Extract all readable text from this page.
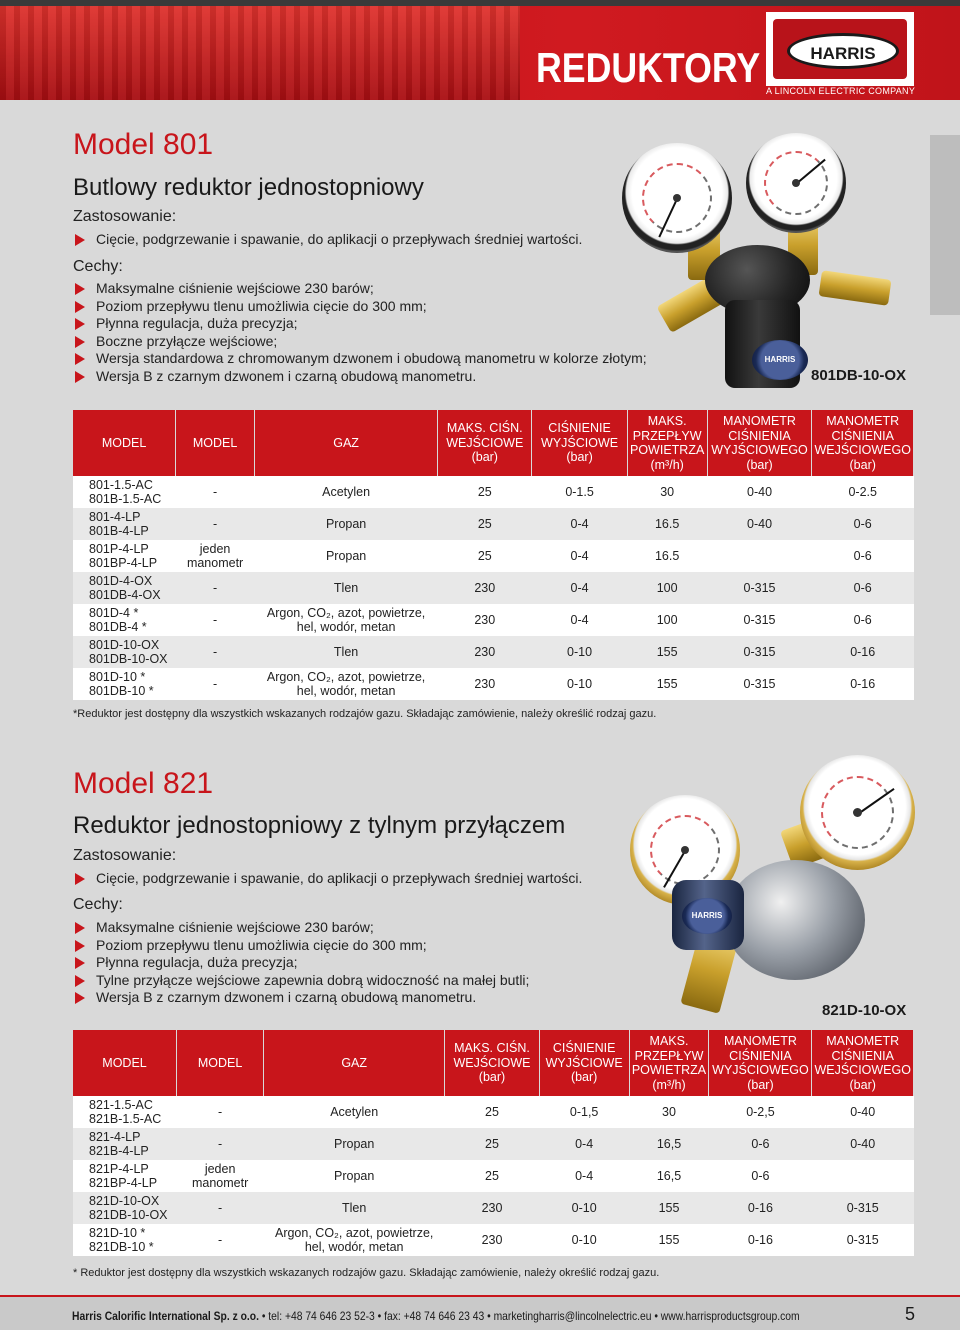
REDUKTORY	HARRIS
A LINCOLN ELECTRIC COMPANY
Model 801
Butlowy reduktor jednostopniowy
Zastosowanie:
Cięcie, podgrzewanie i spawanie, do aplikacji o przepływach średniej wartości.
Cechy:
Maksymalne ciśnienie wejściowe 230 barów;
Poziom przepływu tlenu umożliwia cięcie do 300 mm;
Płynna regulacja, duża precyzja;
Boczne przyłącze wejściowe;
Wersja standardowa z chromowanym dzwonem i obudową manometru w kolorze złotym;
Wersja B z czarnym dzwonem i czarną obudową manometru.
HARRIS
801DB-10-OX
MODEL	MODEL	GAZ	MAKS. CIŚN. WEJŚCIOWE (bar)	CIŚNIENIE WYJŚCIOWE (bar)	MAKS. PRZEPŁYW POWIETRZA (m³/h)	MANOMETR CIŚNIENIA WYJŚCIOWEGO (bar)	MANOMETR CIŚNIENIA WEJŚCIOWEGO (bar)
801-1.5-AC 801B-1.5-AC	-	Acetylen	25	0-1.5	30	0-40	0-2.5
801-4-LP 801B-4-LP	-	Propan	25	0-4	16.5	0-40	0-6
801P-4-LP 801BP-4-LP	jeden manometr	Propan	25	0-4	16.5		0-6
801D-4-OX 801DB-4-OX	-	Tlen	230	0-4	100	0-315	0-6
801D-4 * 801DB-4 *	-	Argon, CO₂, azot, powietrze, hel, wodór, metan	230	0-4	100	0-315	0-6
801D-10-OX 801DB-10-OX	-	Tlen	230	0-10	155	0-315	0-16
801D-10 * 801DB-10 *	-	Argon, CO₂, azot, powietrze, hel, wodór, metan	230	0-10	155	0-315	0-16
*Reduktor jest dostępny dla wszystkich wskazanych rodzajów gazu. Składając zamówienie, należy określić rodzaj gazu.
Model 821
Reduktor jednostopniowy z tylnym przyłączem
Zastosowanie:
Cięcie, podgrzewanie i spawanie, do aplikacji o przepływach średniej wartości.
Cechy:
Maksymalne ciśnienie wejściowe 230 barów;
Poziom przepływu tlenu umożliwia cięcie do 300 mm;
Płynna regulacja, duża precyzja;
Tylne przyłącze wejściowe zapewnia dobrą widoczność na małej butli;
Wersja B z czarnym dzwonem i czarną obudową manometru.
HARRIS
821D-10-OX
MODEL	MODEL	GAZ	MAKS. CIŚN. WEJŚCIOWE (bar)	CIŚNIENIE WYJŚCIOWE (bar)	MAKS. PRZEPŁYW POWIETRZA (m³/h)	MANOMETR CIŚNIENIA WYJŚCIOWEGO (bar)	MANOMETR CIŚNIENIA WEJŚCIOWEGO (bar)
821-1.5-AC 821B-1.5-AC	-	Acetylen	25	0-1,5	30	0-2,5	0-40
821-4-LP 821B-4-LP	-	Propan	25	0-4	16,5	0-6	0-40
821P-4-LP 821BP-4-LP	jeden manometr	Propan	25	0-4	16,5	0-6	
821D-10-OX 821DB-10-OX	-	Tlen	230	0-10	155	0-16	0-315
821D-10 * 821DB-10 *	-	Argon, CO₂, azot, powietrze, hel, wodór, metan	230	0-10	155	0-16	0-315
* Reduktor jest dostępny dla wszystkich wskazanych rodzajów gazu. Składając zamówienie, należy określić rodzaj gazu.
Harris Calorific International Sp. z o.o. • tel: +48 74 646 23 52-3 • fax: +48 74 646 23 43 • marketingharris@lincolnelectric.eu • www.harrisproductsgroup.com	5
